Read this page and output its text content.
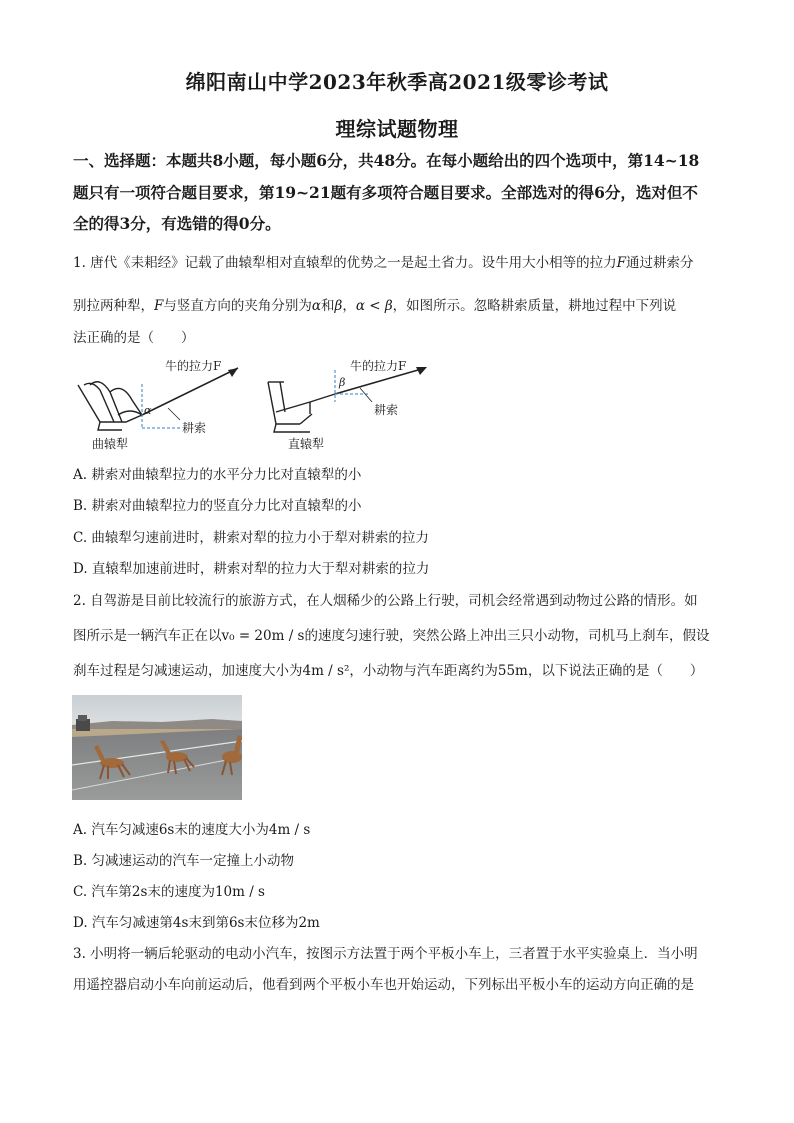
绵阳南山中学2023年秋季高2021级零诊考试
理综试题物理
一、选择题：本题共8小题，每小题6分，共48分。在每小题给出的四个选项中，第14~18
题只有一项符合题目要求，第19~21题有多项符合题目要求。全部选对的得6分，选对但不
全的得3分，有选错的得0分。
1. 唐代《耒耜经》记载了曲辕犁相对直辕犁的优势之一是起土省力。设牛用大小相等的拉力F通过耕索分
别拉两种犁，F与竖直方向的夹角分别为α和β，α < β，如图所示。忽略耕索质量，耕地过程中下列说
法正确的是（　　）
牛的拉力F
α
耕索
曲辕犁
牛的拉力F
β
耕索
直辕犁
A. 耕索对曲辕犁拉力的水平分力比对直辕犁的小
B. 耕索对曲辕犁拉力的竖直分力比对直辕犁的小
C. 曲辕犁匀速前进时，耕索对犁的拉力小于犁对耕索的拉力
D. 直辕犁加速前进时，耕索对犁的拉力大于犁对耕索的拉力
2. 自驾游是目前比较流行的旅游方式，在人烟稀少的公路上行驶，司机会经常遇到动物过公路的情形。如
图所示是一辆汽车正在以v₀ = 20m / s的速度匀速行驶，突然公路上冲出三只小动物，司机马上刹车，假设
刹车过程是匀减速运动，加速度大小为4m / s²，小动物与汽车距离约为55m，以下说法正确的是（　　）
A. 汽车匀减速6s末的速度大小为4m / s
B. 匀减速运动的汽车一定撞上小动物
C. 汽车第2s末的速度为10m / s
D. 汽车匀减速第4s末到第6s末位移为2m
3. 小明将一辆后轮驱动的电动小汽车，按图示方法置于两个平板小车上，三者置于水平实验桌上．当小明
用遥控器启动小车向前运动后，他看到两个平板小车也开始运动，下列标出平板小车的运动方向正确的是
